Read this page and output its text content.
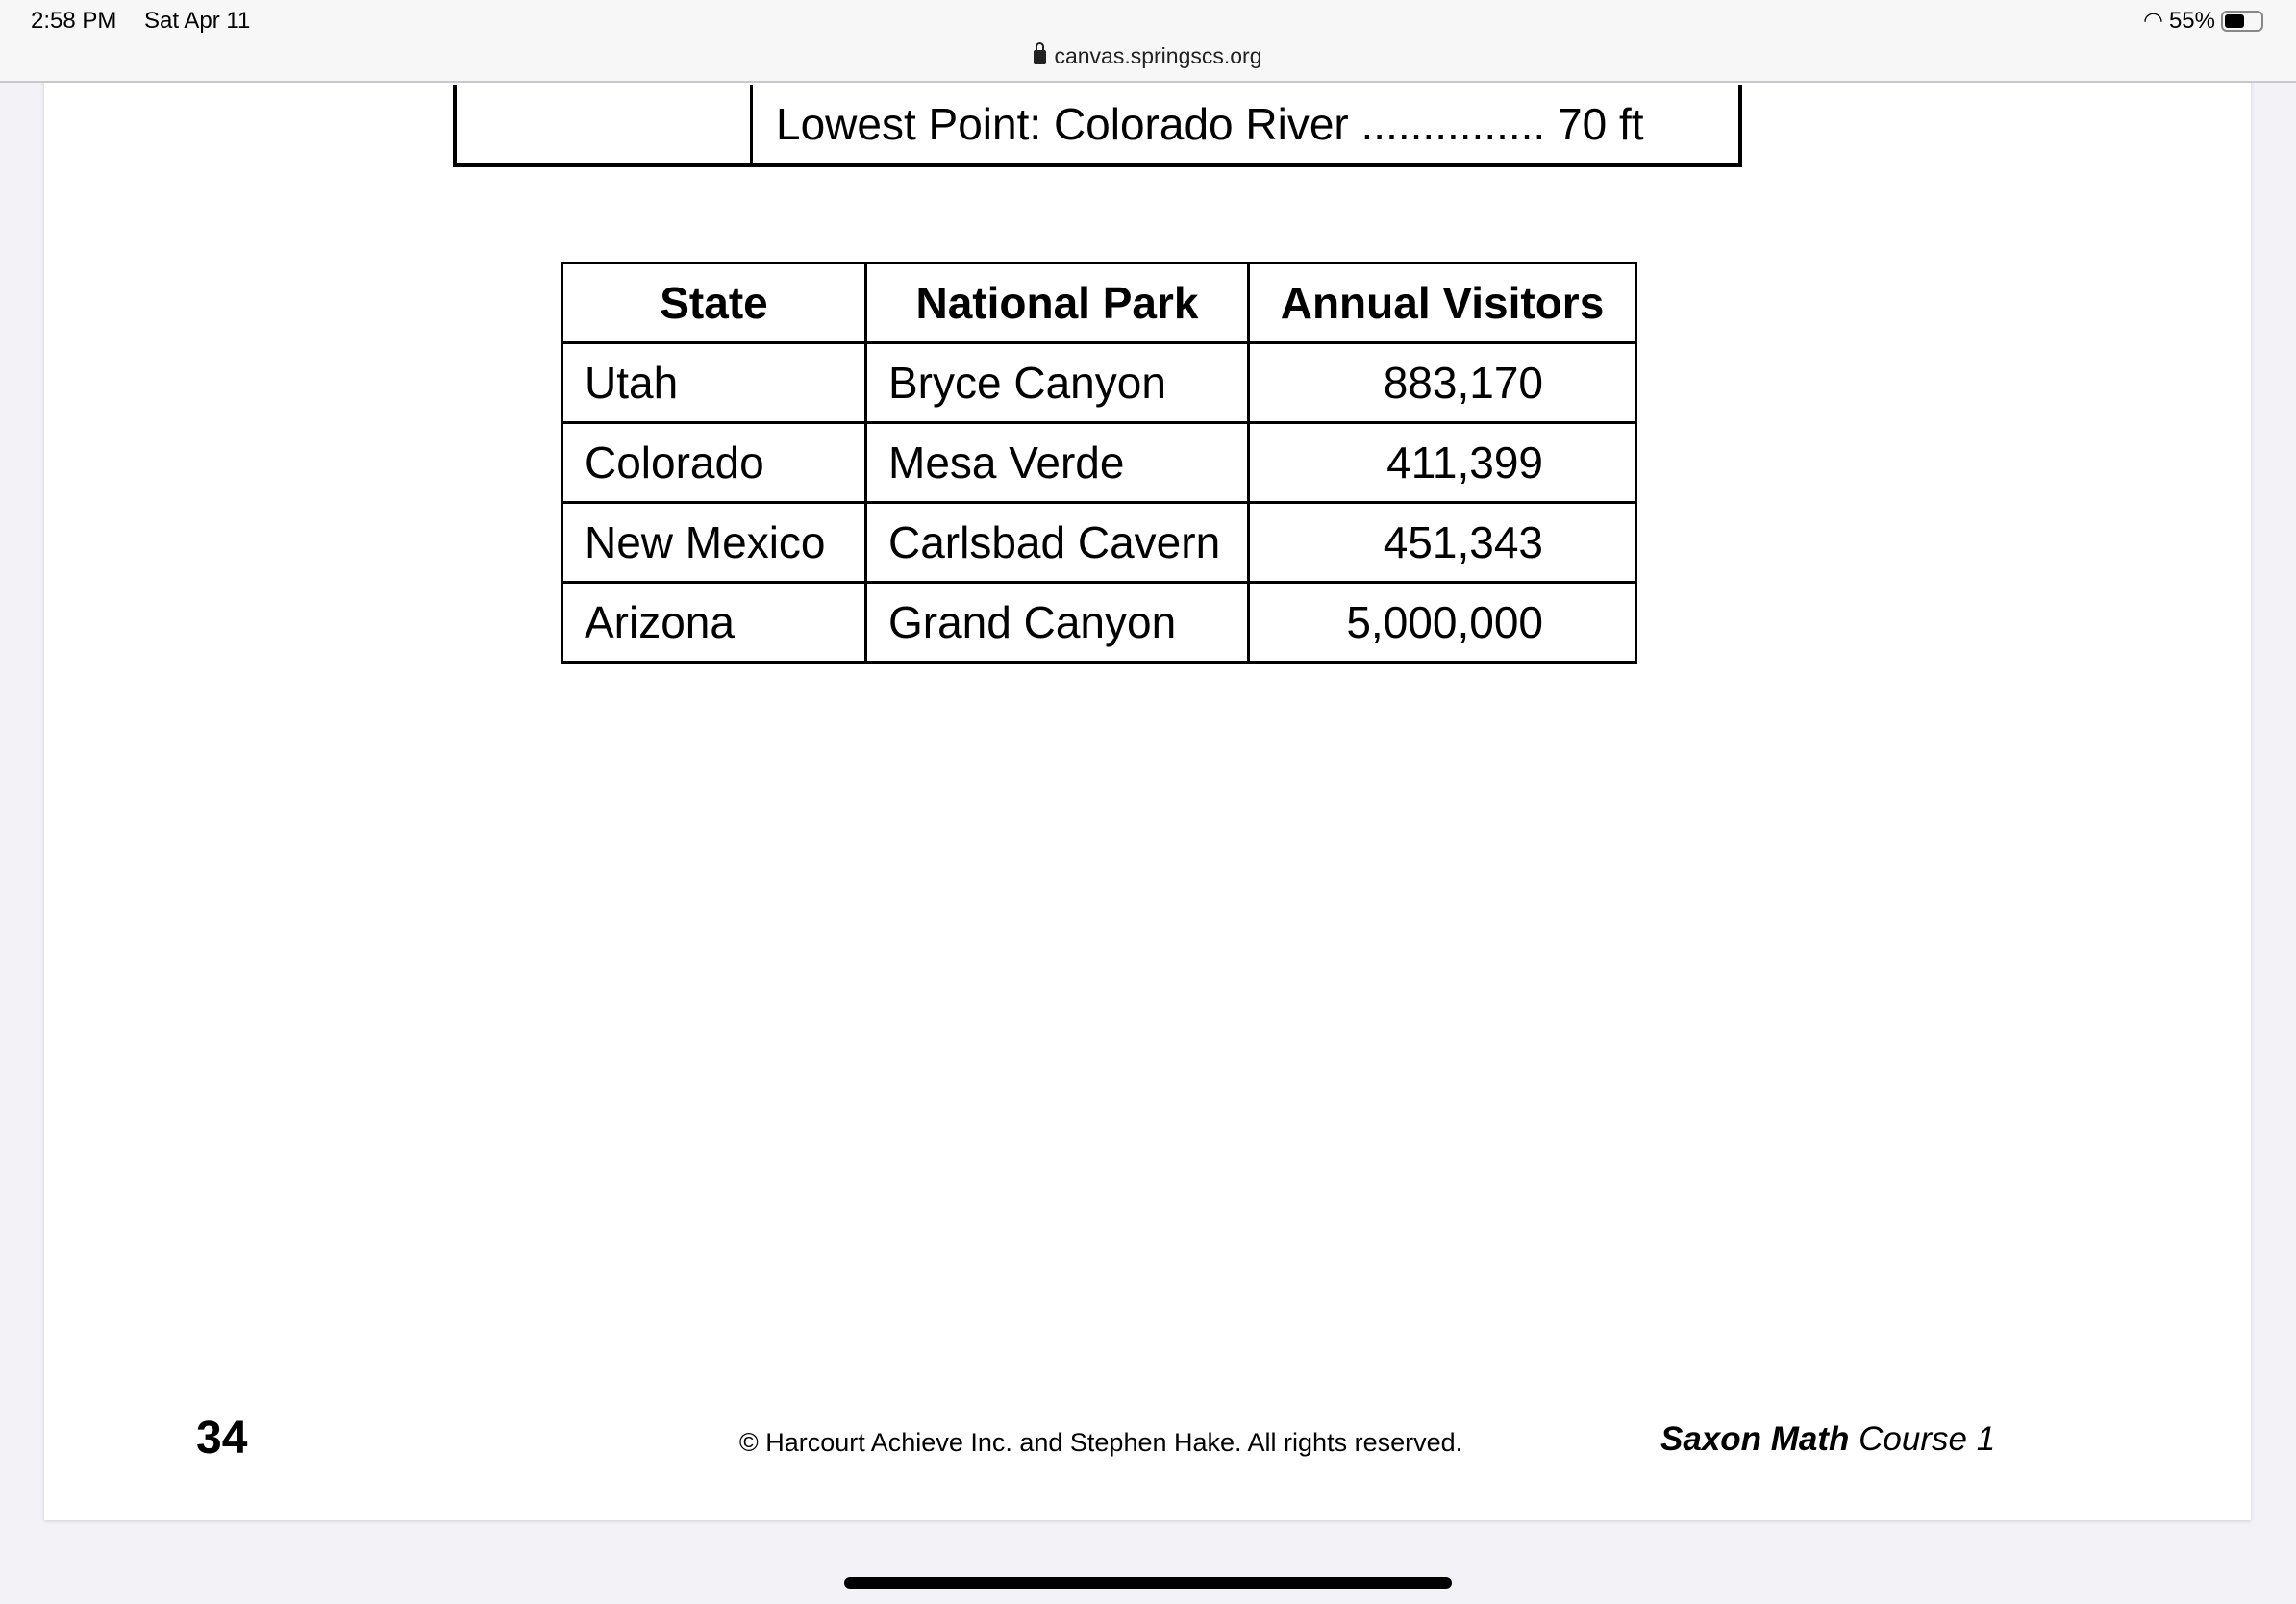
2:58 PM Sat Apr 11
canvas.springscs.org
◠ 55%
Lowest Point: Colorado River ............... 70 ft
State	National Park	Annual Visitors
Utah	Bryce Canyon	883,170
Colorado	Mesa Verde	411,399
New Mexico	Carlsbad Cavern	451,343
Arizona	Grand Canyon	5,000,000
34	© Harcourt Achieve Inc. and Stephen Hake. All rights reserved.	Saxon Math Course 1
